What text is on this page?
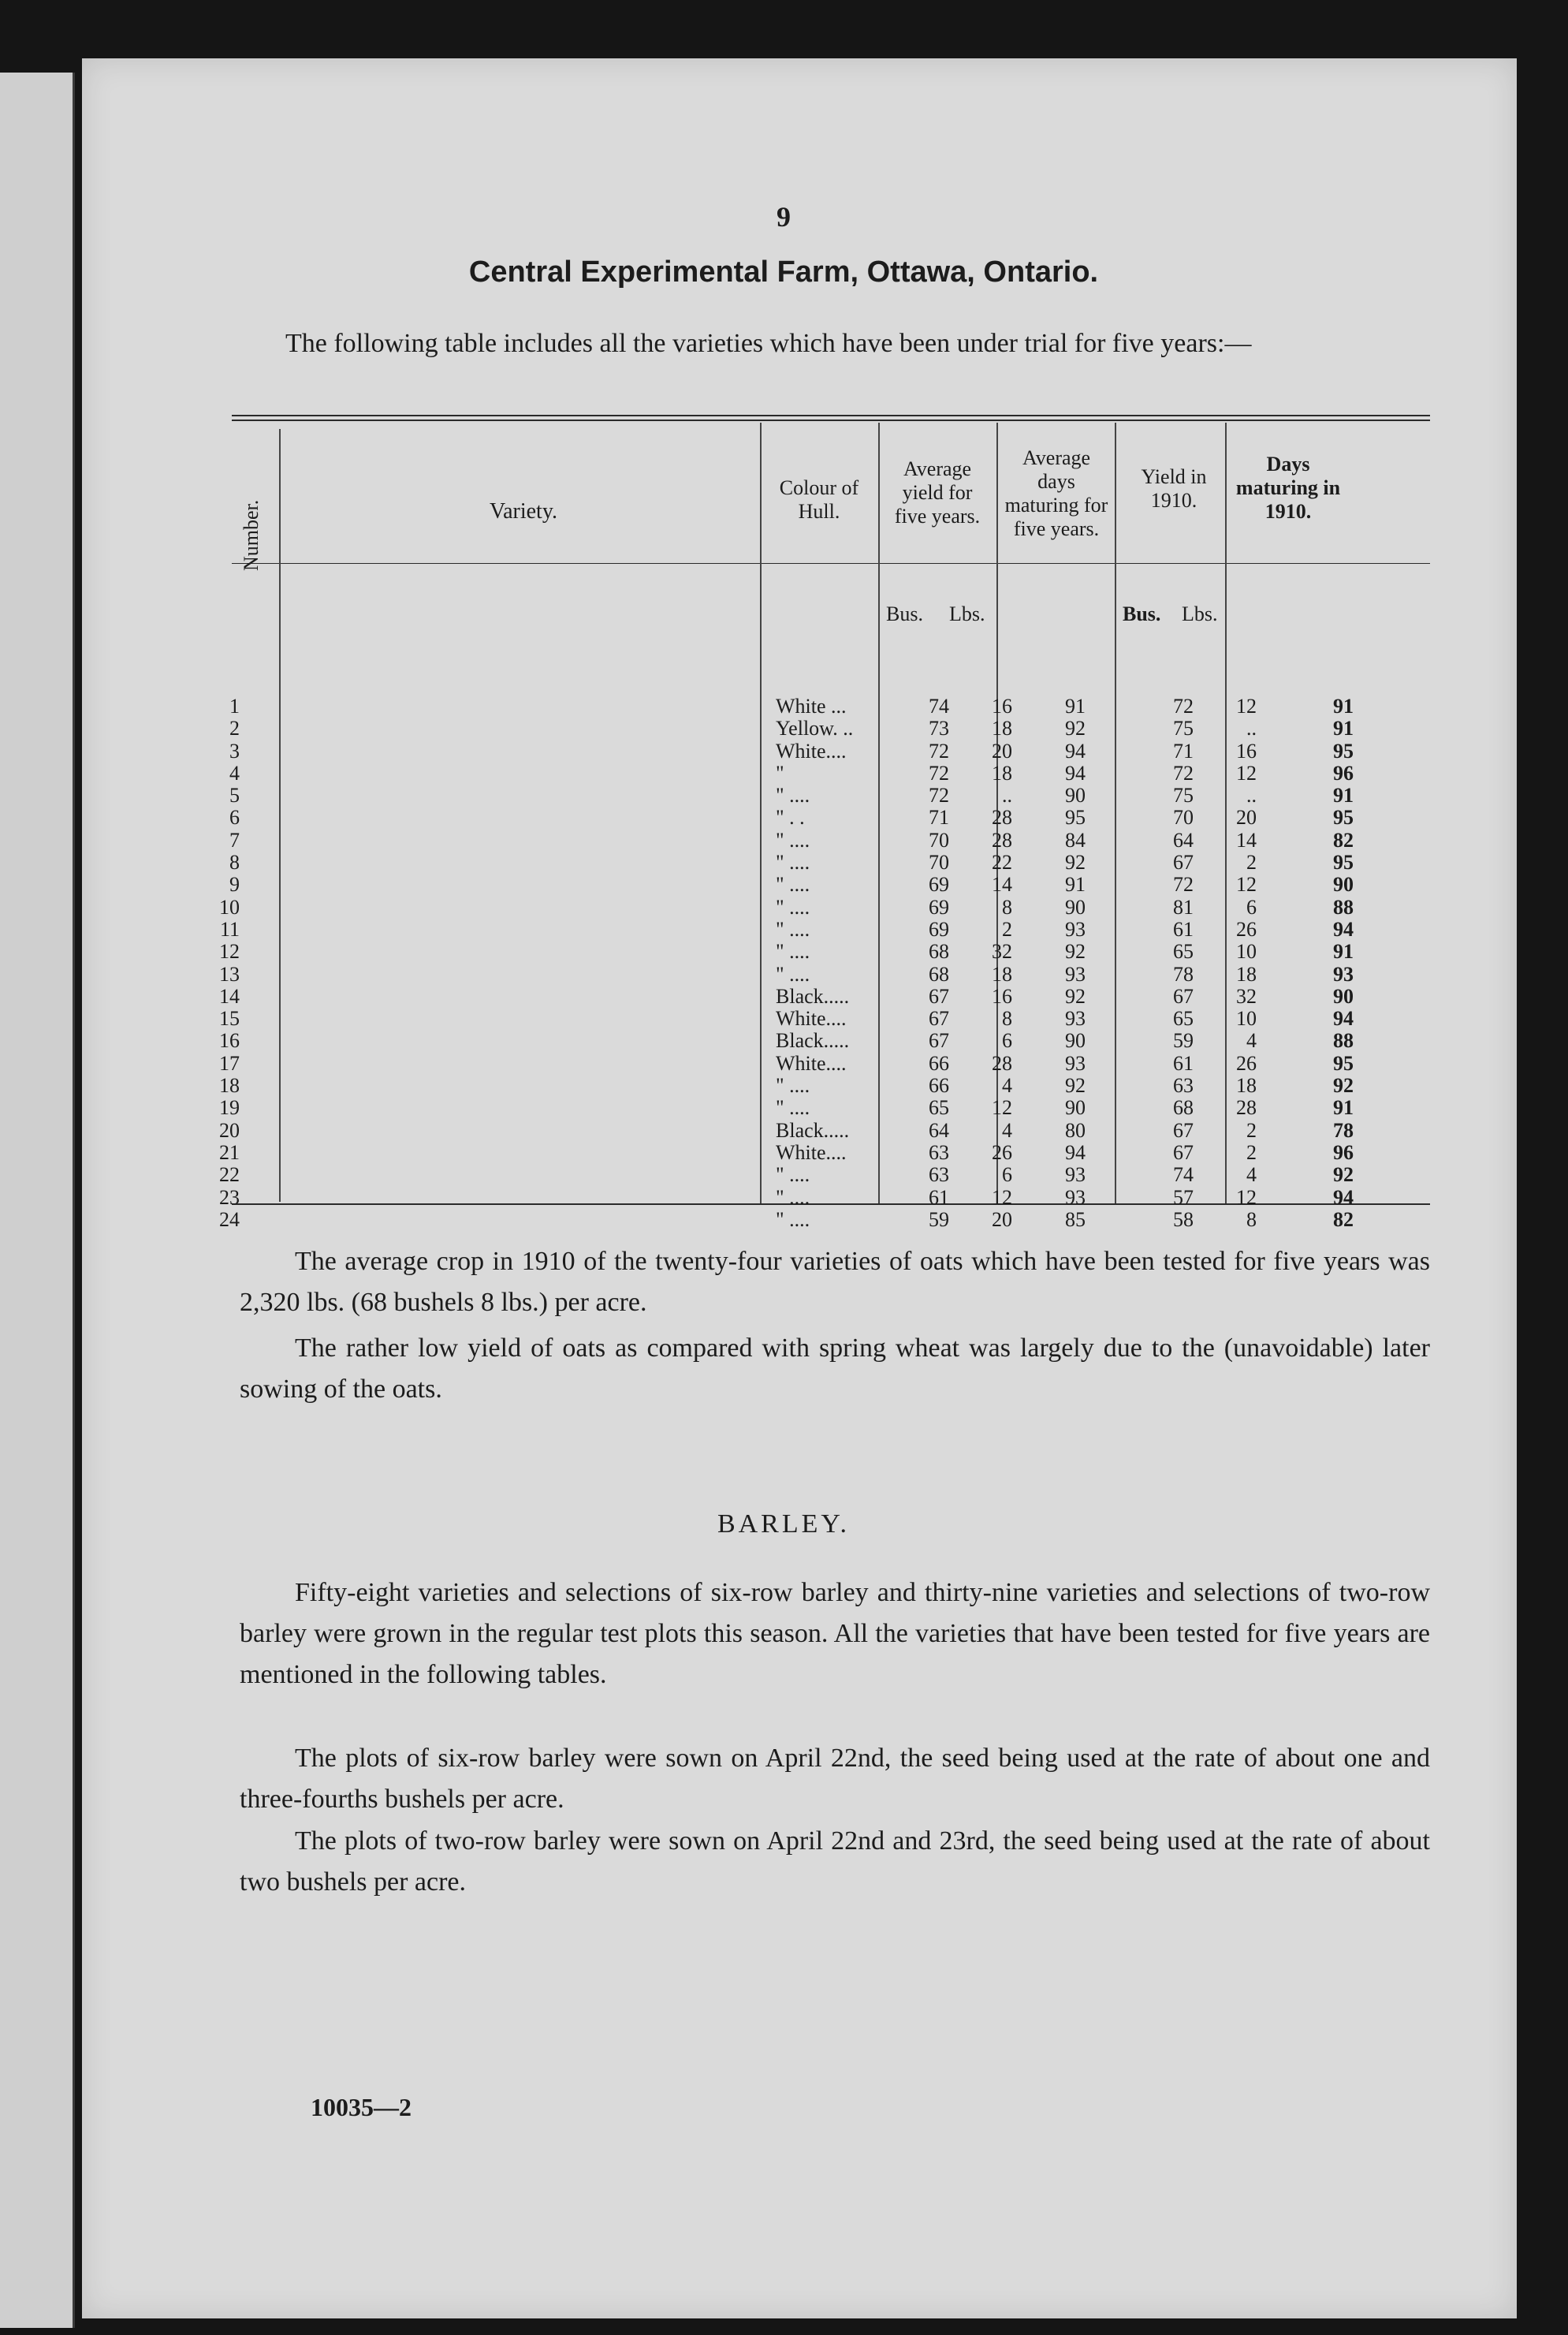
9
Central Experimental Farm, Ottawa, Ontario.
The following table includes all the varieties which have been under trial for five years:—
Number.	Variety.
Colour of Hull.
Average yield for five years.
Average days maturing for five years.
Yield in 1910.
Days maturing in 1910.
Bus. Lbs.	Bus. Lbs.
1	White ...	74	16	91	72	12	91
2	Yellow. ..	73	18	92	75	..	91
3	White....	72	20	94	71	16	95
4	"	72	18	94	72	12	96
5	" ....	72	..	90	75	..	91
6	" . .	71	28	95	70	20	95
7	" ....	70	28	84	64	14	82
8	" ....	70	22	92	67	2	95
9	" ....	69	14	91	72	12	90
10	" ....	69	8	90	81	6	88
11	" ....	69	2	93	61	26	94
12	" ....	68	32	92	65	10	91
13	" ....	68	18	93	78	18	93
14	Black.....	67	16	92	67	32	90
15	White....	67	8	93	65	10	94
16	Black.....	67	6	90	59	4	88
17	White....	66	28	93	61	26	95
18	" ....	66	4	92	63	18	92
19	" ....	65	12	90	68	28	91
20	Black.....	64	4	80	67	2	78
21	White....	63	26	94	67	2	96
22	" ....	63	6	93	74	4	92
23	" ....	61	12	93	57	12	94
24	" ....	59	20	85	58	8	82
The average crop in 1910 of the twenty-four varieties of oats which have been tested for five years was 2,320 lbs. (68 bushels 8 lbs.) per acre.
The rather low yield of oats as compared with spring wheat was largely due to the (unavoidable) later sowing of the oats.
BARLEY.
Fifty-eight varieties and selections of six-row barley and thirty-nine varieties and selections of two-row barley were grown in the regular test plots this season. All the varieties that have been tested for five years are mentioned in the following tables.
The plots of six-row barley were sown on April 22nd, the seed being used at the rate of about one and three-fourths bushels per acre.
The plots of two-row barley were sown on April 22nd and 23rd, the seed being used at the rate of about two bushels per acre.
10035—2
